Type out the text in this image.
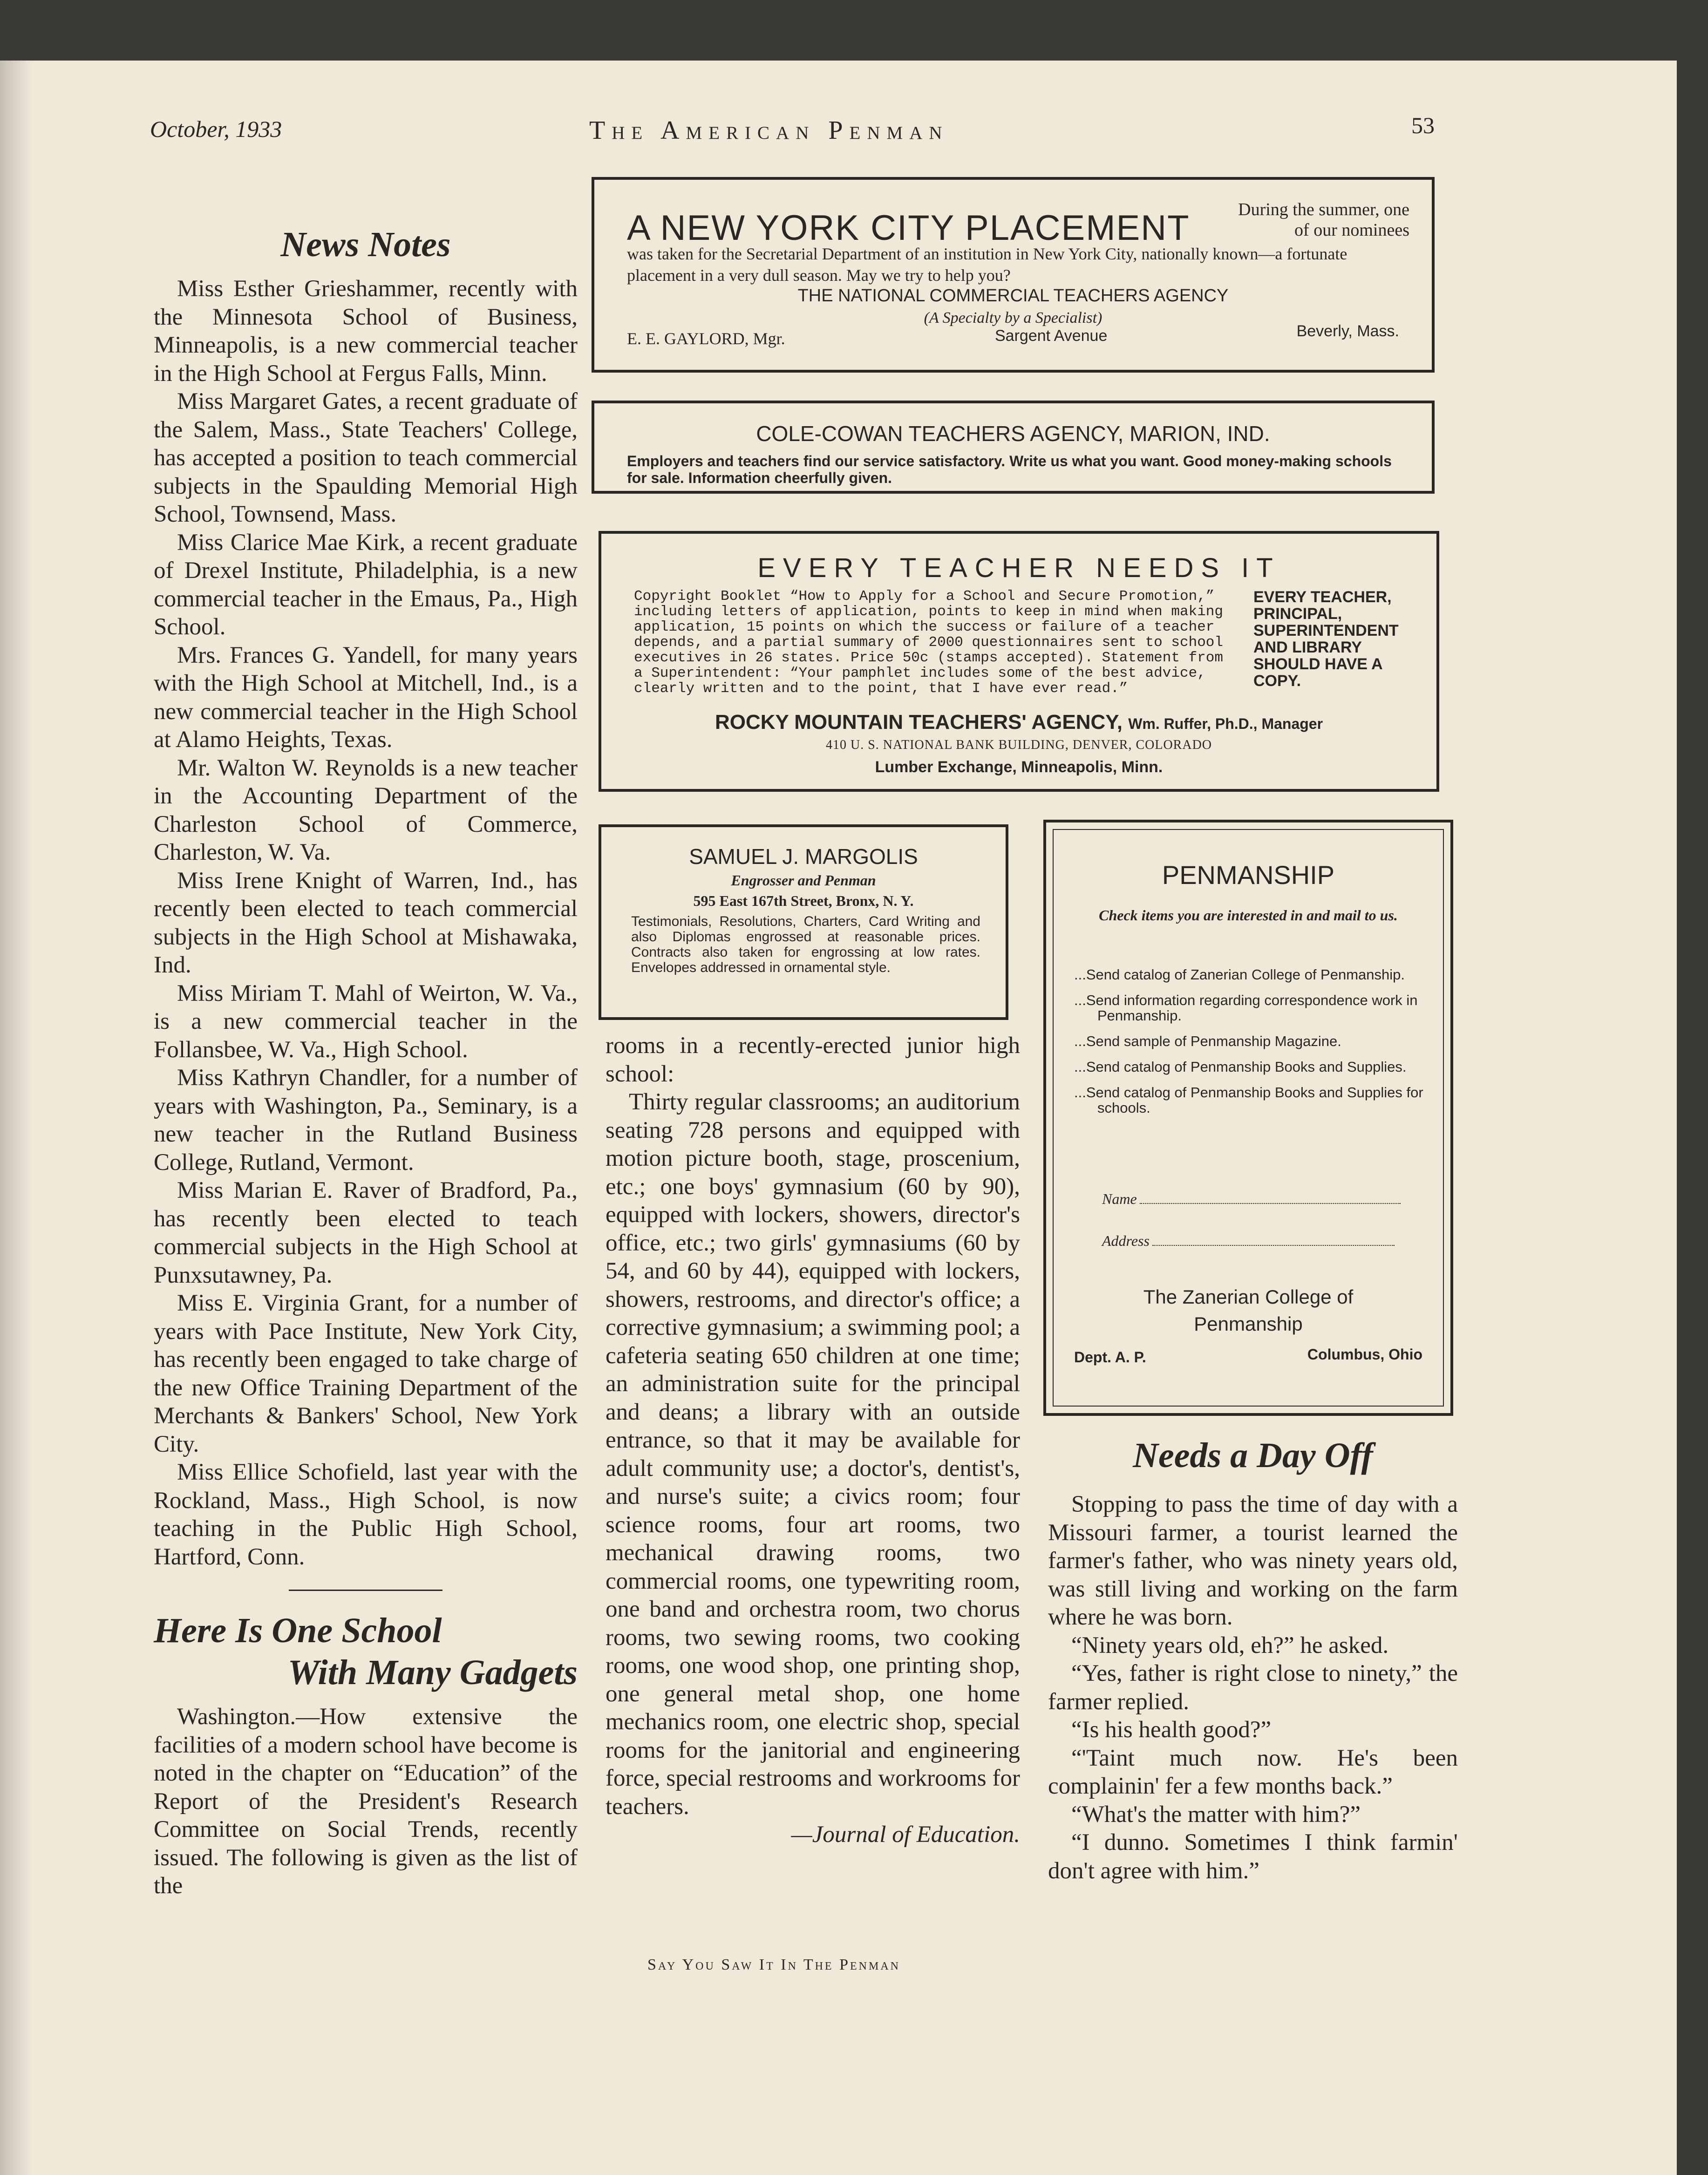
October, 1933	The American Penman	53
News Notes

Miss Esther Grieshammer, recently with the Minnesota School of Business, Minneapolis, is a new commercial teacher in the High School at Fergus Falls, Minn.

Miss Margaret Gates, a recent graduate of the Salem, Mass., State Teachers' College, has accepted a position to teach commercial subjects in the Spaulding Memorial High School, Townsend, Mass.

Miss Clarice Mae Kirk, a recent graduate of Drexel Institute, Philadelphia, is a new commercial teacher in the Emaus, Pa., High School.

Mrs. Frances G. Yandell, for many years with the High School at Mitchell, Ind., is a new commercial teacher in the High School at Alamo Heights, Texas.

Mr. Walton W. Reynolds is a new teacher in the Accounting Department of the Charleston School of Commerce, Charleston, W. Va.

Miss Irene Knight of Warren, Ind., has recently been elected to teach commercial subjects in the High School at Mishawaka, Ind.

Miss Miriam T. Mahl of Weirton, W. Va., is a new commercial teacher in the Follansbee, W. Va., High School.

Miss Kathryn Chandler, for a number of years with Washington, Pa., Seminary, is a new teacher in the Rutland Business College, Rutland, Vermont.

Miss Marian E. Raver of Bradford, Pa., has recently been elected to teach commercial subjects in the High School at Punxsutawney, Pa.

Miss E. Virginia Grant, for a number of years with Pace Institute, New York City, has recently been engaged to take charge of the new Office Training Department of the Merchants & Bankers' School, New York City.

Miss Ellice Schofield, last year with the Rockland, Mass., High School, is now teaching in the Public High School, Hartford, Conn.

Here Is One School
With Many Gadgets

Washington.—How extensive the facilities of a modern school have become is noted in the chapter on “Education” of the Report of the President's Research Committee on Social Trends, recently issued. The following is given as the list of the

A NEW YORK CITY PLACEMENT	During the summer, one of our nominees
was taken for the Secretarial Department of an institution in New York City, nationally known—a fortunate placement in a very dull season. May we try to help you?
THE NATIONAL COMMERCIAL TEACHERS AGENCY
(A Specialty by a Specialist)
E. E. GAYLORD, Mgr.	Sargent Avenue	Beverly, Mass.
COLE-COWAN TEACHERS AGENCY, MARION, IND.
Employers and teachers find our service satisfactory. Write us what you want. Good money-making schools for sale. Information cheerfully given.
EVERY TEACHER NEEDS IT
Copyright Booklet “How to Apply for a School and Secure Promotion,” including letters of application, points to keep in mind when making application, 15 points on which the success or failure of a teacher depends, and a partial summary of 2000 questionnaires sent to school executives in 26 states. Price 50c (stamps accepted). Statement from a Superintendent: “Your pamphlet includes some of the best advice, clearly written and to the point, that I have ever read.”
EVERY TEACHER, PRINCIPAL, SUPERINTENDENT AND LIBRARY SHOULD HAVE A COPY.
ROCKY MOUNTAIN TEACHERS' AGENCY, Wm. Ruffer, Ph.D., Manager
410 U. S. NATIONAL BANK BUILDING, DENVER, COLORADO
Lumber Exchange, Minneapolis, Minn.
SAMUEL J. MARGOLIS
Engrosser and Penman
595 East 167th Street, Bronx, N. Y.
Testimonials, Resolutions, Charters, Card Writing and also Diplomas engrossed at reasonable prices. Contracts also taken for engrossing at low rates. Envelopes addressed in ornamental style.

rooms in a recently-erected junior high school:

Thirty regular classrooms; an auditorium seating 728 persons and equipped with motion picture booth, stage, proscenium, etc.; one boys' gymnasium (60 by 90), equipped with lockers, showers, director's office, etc.; two girls' gymnasiums (60 by 54, and 60 by 44), equipped with lockers, showers, restrooms, and director's office; a corrective gymnasium; a swimming pool; a cafeteria seating 650 children at one time; an administration suite for the principal and deans; a library with an outside entrance, so that it may be available for adult community use; a doctor's, dentist's, and nurse's suite; a civics room; four science rooms, four art rooms, two mechanical drawing rooms, two commercial rooms, one typewriting room, one band and orchestra room, two chorus rooms, two sewing rooms, two cooking rooms, one wood shop, one printing shop, one general metal shop, one home mechanics room, one electric shop, special rooms for the janitorial and engineering force, special restrooms and workrooms for teachers.

—Journal of Education.

PENMANSHIP
Check items you are interested in and mail to us.
...Send catalog of Zanerian College of Penmanship.
...Send information regarding correspondence work in Penmanship.
...Send sample of Penmanship Magazine.
...Send catalog of Penmanship Books and Supplies.
...Send catalog of Penmanship Books and Supplies for schools.
Name
Address
The Zanerian College of
Penmanship
Dept. A. P.	Columbus, Ohio
Needs a Day Off

Stopping to pass the time of day with a Missouri farmer, a tourist learned the farmer's father, who was ninety years old, was still living and working on the farm where he was born.

“Ninety years old, eh?” he asked.

“Yes, father is right close to ninety,” the farmer replied.

“Is his health good?”

“'Taint much now. He's been complainin' fer a few months back.”

“What's the matter with him?”

“I dunno. Sometimes I think farmin' don't agree with him.”

Say You Saw It In The Penman
